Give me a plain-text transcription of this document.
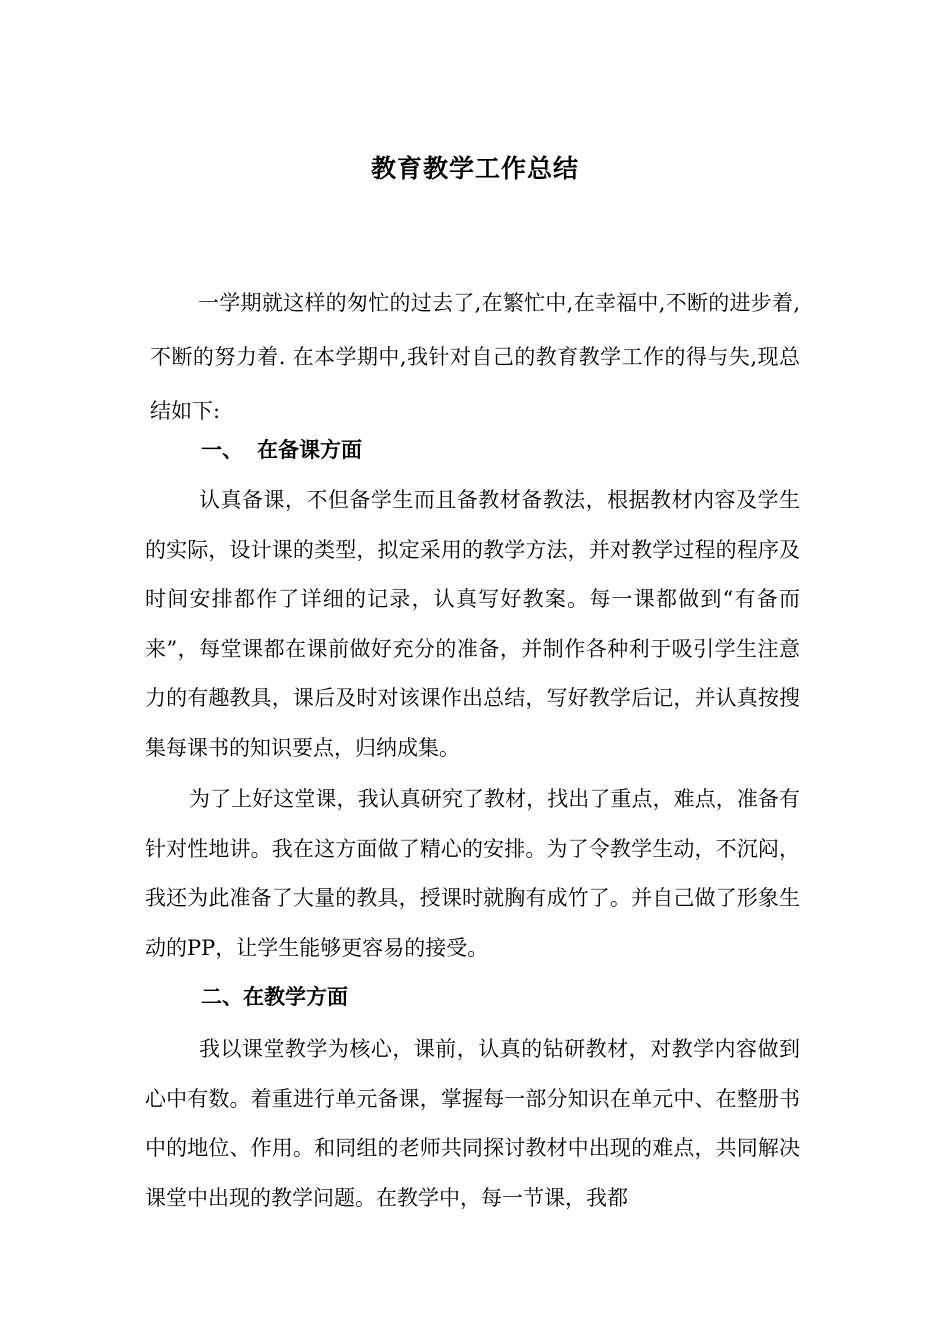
教育教学工作总结

一学期就这样的匆忙的过去了,在繁忙中,在幸福中,不断的进步着,不断的努力着. 在本学期中,我针对自己的教育教学工作的得与失,现总结如下:

一、 在备课方面

认真备课，不但备学生而且备教材备教法，根据教材内容及学生的实际，设计课的类型，拟定采用的教学方法，并对教学过程的程序及时间安排都作了详细的记录，认真写好教案。每一课都做到“有备而来”，每堂课都在课前做好充分的准备，并制作各种利于吸引学生注意力的有趣教具，课后及时对该课作出总结，写好教学后记，并认真按搜集每课书的知识要点，归纳成集。

为了上好这堂课，我认真研究了教材，找出了重点，难点，准备有针对性地讲。我在这方面做了精心的安排。为了令教学生动，不沉闷，我还为此准备了大量的教具，授课时就胸有成竹了。并自己做了形象生动的PP，让学生能够更容易的接受。

二、在教学方面

我以课堂教学为核心，课前，认真的钻研教材，对教学内容做到心中有数。着重进行单元备课，掌握每一部分知识在单元中、在整册书中的地位、作用。和同组的老师共同探讨教材中出现的难点，共同解决课堂中出现的教学问题。在教学中，每一节课，我都
